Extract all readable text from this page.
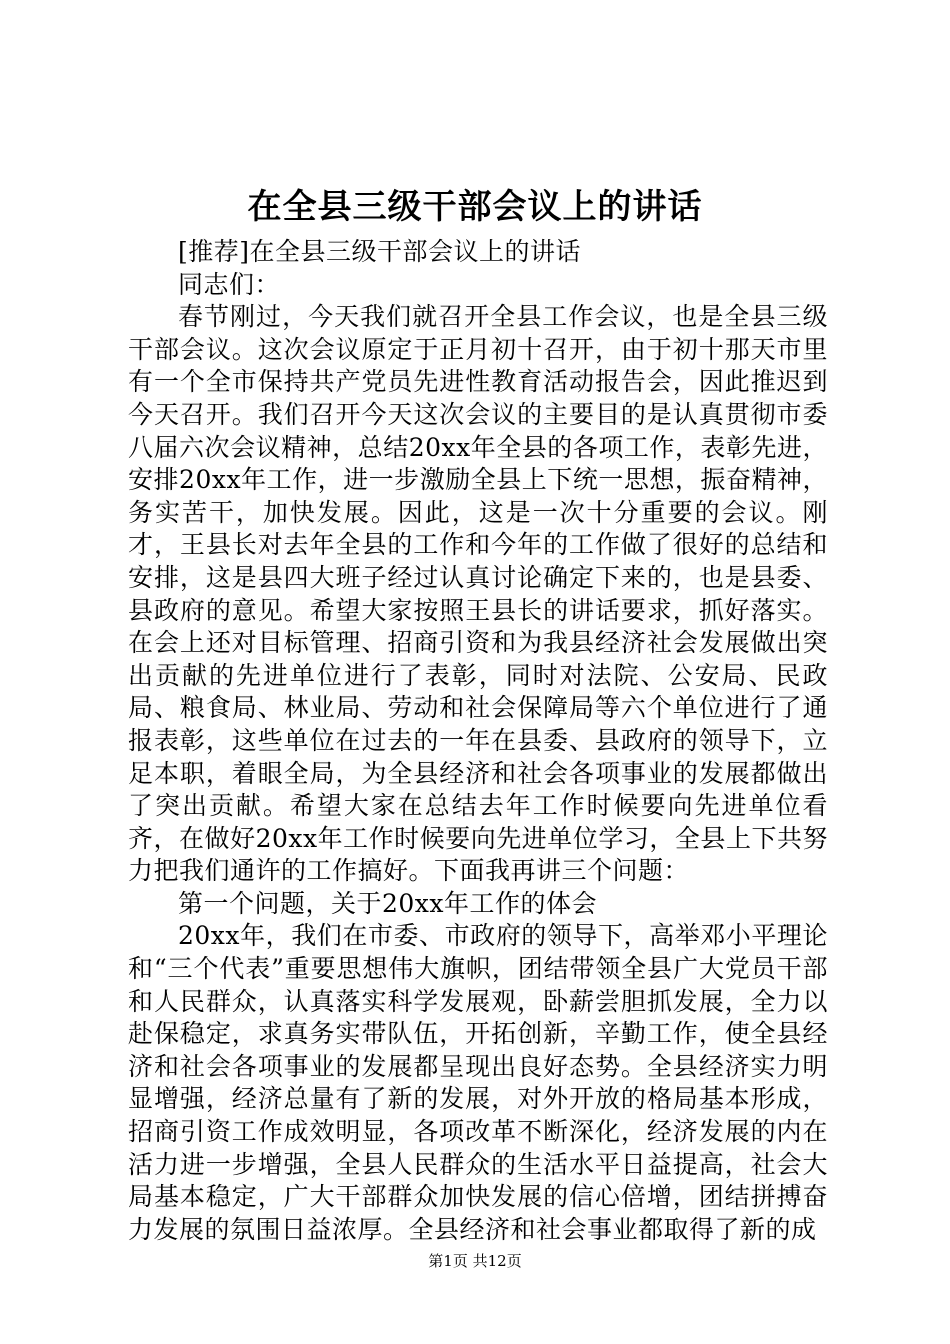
在全县三级干部会议上的讲话

[推荐]在全县三级干部会议上的讲话

同志们：

春节刚过，今天我们就召开全县工作会议，也是全县三级干部会议。这次会议原定于正月初十召开，由于初十那天市里有一个全市保持共产党员先进性教育活动报告会，因此推迟到今天召开。我们召开今天这次会议的主要目的是认真贯彻市委八届六次会议精神，总结20xx年全县的各项工作，表彰先进，安排20xx年工作，进一步激励全县上下统一思想，振奋精神，务实苦干，加快发展。因此，这是一次十分重要的会议。刚才，王县长对去年全县的工作和今年的工作做了很好的总结和安排，这是县四大班子经过认真讨论确定下来的，也是县委、县政府的意见。希望大家按照王县长的讲话要求，抓好落实。在会上还对目标管理、招商引资和为我县经济社会发展做出突出贡献的先进单位进行了表彰，同时对法院、公安局、民政局、粮食局、林业局、劳动和社会保障局等六个单位进行了通报表彰，这些单位在过去的一年在县委、县政府的领导下，立足本职，着眼全局，为全县经济和社会各项事业的发展都做出了突出贡献。希望大家在总结去年工作时候要向先进单位看齐，在做好20xx年工作时候要向先进单位学习，全县上下共努力把我们通许的工作搞好。下面我再讲三个问题：

第一个问题，关于20xx年工作的体会

20xx年，我们在市委、市政府的领导下，高举邓小平理论和“三个代表”重要思想伟大旗帜，团结带领全县广大党员干部和人民群众，认真落实科学发展观，卧薪尝胆抓发展，全力以赴保稳定，求真务实带队伍，开拓创新，辛勤工作，使全县经济和社会各项事业的发展都呈现出良好态势。全县经济实力明显增强，经济总量有了新的发展，对外开放的格局基本形成，招商引资工作成效明显，各项改革不断深化，经济发展的内在活力进一步增强，全县人民群众的生活水平日益提高，社会大局基本稳定，广大干部群众加快发展的信心倍增，团结拼搏奋力发展的氛围日益浓厚。全县经济和社会事业都取得了新的成

第1页 共12页
